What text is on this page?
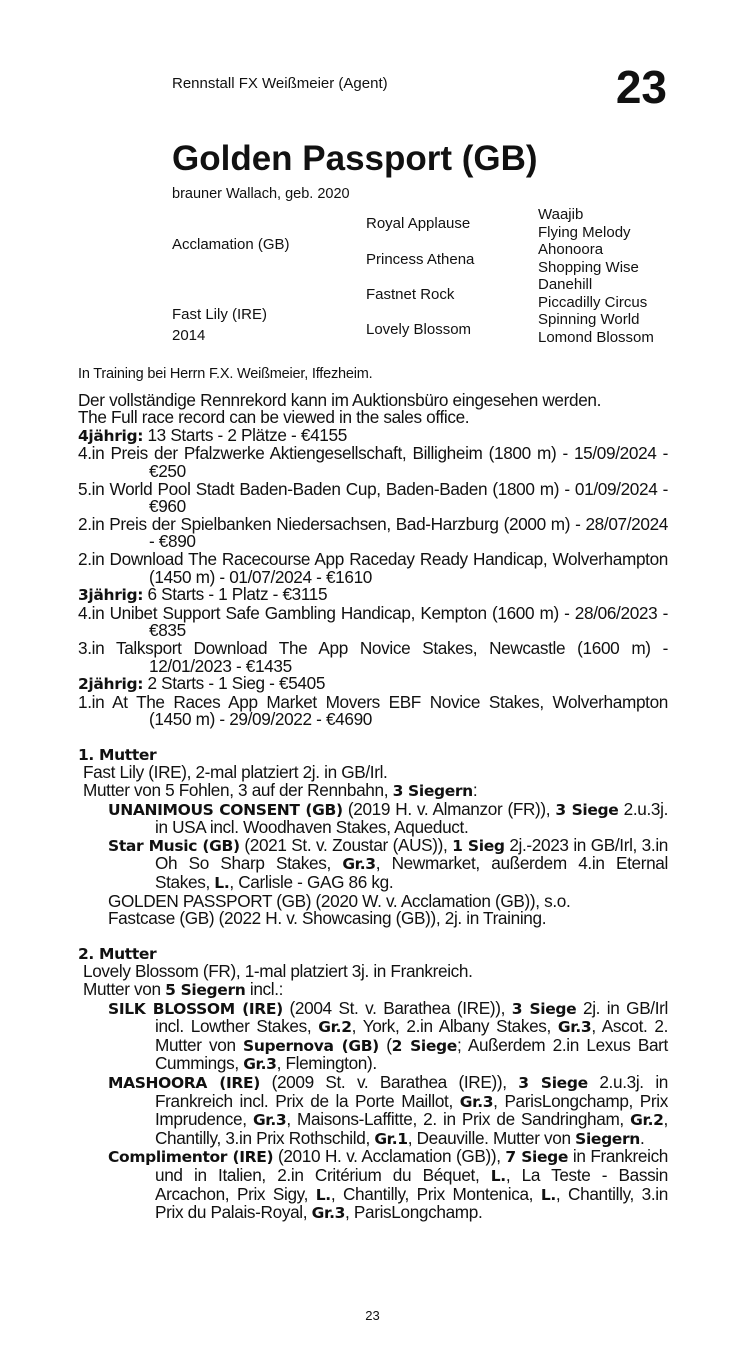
Rennstall FX Weißmeier (Agent)	23
Golden Passport (GB)
brauner Wallach, geb. 2020
Acclamation (GB)
Fast Lily (IRE)
2014
Royal Applause
Princess Athena
Fastnet Rock
Lovely Blossom
Waajib
Flying Melody
Ahonoora
Shopping Wise
Danehill
Piccadilly Circus
Spinning World
Lomond Blossom
In Training bei Herrn F.X. Weißmeier, Iffezheim.
Der vollständige Rennrekord kann im Auktionsbüro eingesehen werden.
The Full race record can be viewed in the sales office.
4jährig: 13 Starts - 2 Plätze - €4155
4.in Preis der Pfalzwerke Aktiengesellschaft, Billigheim (1800 m) - 15/09/2024 - €250
5.in World Pool Stadt Baden-Baden Cup, Baden-Baden (1800 m) - 01/09/2024 - €960
2.in Preis der Spielbanken Niedersachsen, Bad-Harzburg (2000 m) - 28/07/2024 - €890
2.in Download The Racecourse App Raceday Ready Handicap, Wolverhampton (1450 m) - 01/07/2024 - €1610
3jährig: 6 Starts - 1 Platz - €3115
4.in Unibet Support Safe Gambling Handicap, Kempton (1600 m) - 28/06/2023 - €835
3.in Talksport Download The App Novice Stakes, Newcastle (1600 m) - 12/01/2023 - €1435
2jährig: 2 Starts - 1 Sieg - €5405
1.in At The Races App Market Movers EBF Novice Stakes, Wolverhampton (1450 m) - 29/09/2022 - €4690
1. Mutter
Fast Lily (IRE), 2-mal platziert 2j. in GB/Irl.
Mutter von 5 Fohlen, 3 auf der Rennbahn, 3 Siegern:
UNANIMOUS CONSENT (GB) (2019 H. v. Almanzor (FR)), 3 Siege 2.u.3j. in USA incl. Woodhaven Stakes, Aqueduct.
Star Music (GB) (2021 St. v. Zoustar (AUS)), 1 Sieg 2j.-2023 in GB/Irl, 3.in Oh So Sharp Stakes, Gr.3, Newmarket, außerdem 4.in Eternal Stakes, L., Carlisle - GAG 86 kg.
GOLDEN PASSPORT (GB) (2020 W. v. Acclamation (GB)), s.o.
Fastcase (GB) (2022 H. v. Showcasing (GB)), 2j. in Training.
2. Mutter
Lovely Blossom (FR), 1-mal platziert 3j. in Frankreich.
Mutter von 5 Siegern incl.:
SILK BLOSSOM (IRE) (2004 St. v. Barathea (IRE)), 3 Siege 2j. in GB/Irl incl. Lowther Stakes, Gr.2, York, 2.in Albany Stakes, Gr.3, Ascot. 2. Mutter von Supernova (GB) (2 Siege; Außerdem 2.in Lexus Bart Cummings, Gr.3, Flemington).
MASHOORA (IRE) (2009 St. v. Barathea (IRE)), 3 Siege 2.u.3j. in Frankreich incl. Prix de la Porte Maillot, Gr.3, ParisLongchamp, Prix Imprudence, Gr.3, Maisons-Laffitte, 2. in Prix de Sandringham, Gr.2, Chantilly, 3.in Prix Rothschild, Gr.1, Deauville. Mutter von Siegern.
Complimentor (IRE) (2010 H. v. Acclamation (GB)), 7 Siege in Frankreich und in Italien, 2.in Critérium du Béquet, L., La Teste - Bassin Arcachon, Prix Sigy, L., Chantilly, Prix Montenica, L., Chantilly, 3.in Prix du Palais-Royal, Gr.3, ParisLongchamp.
23
